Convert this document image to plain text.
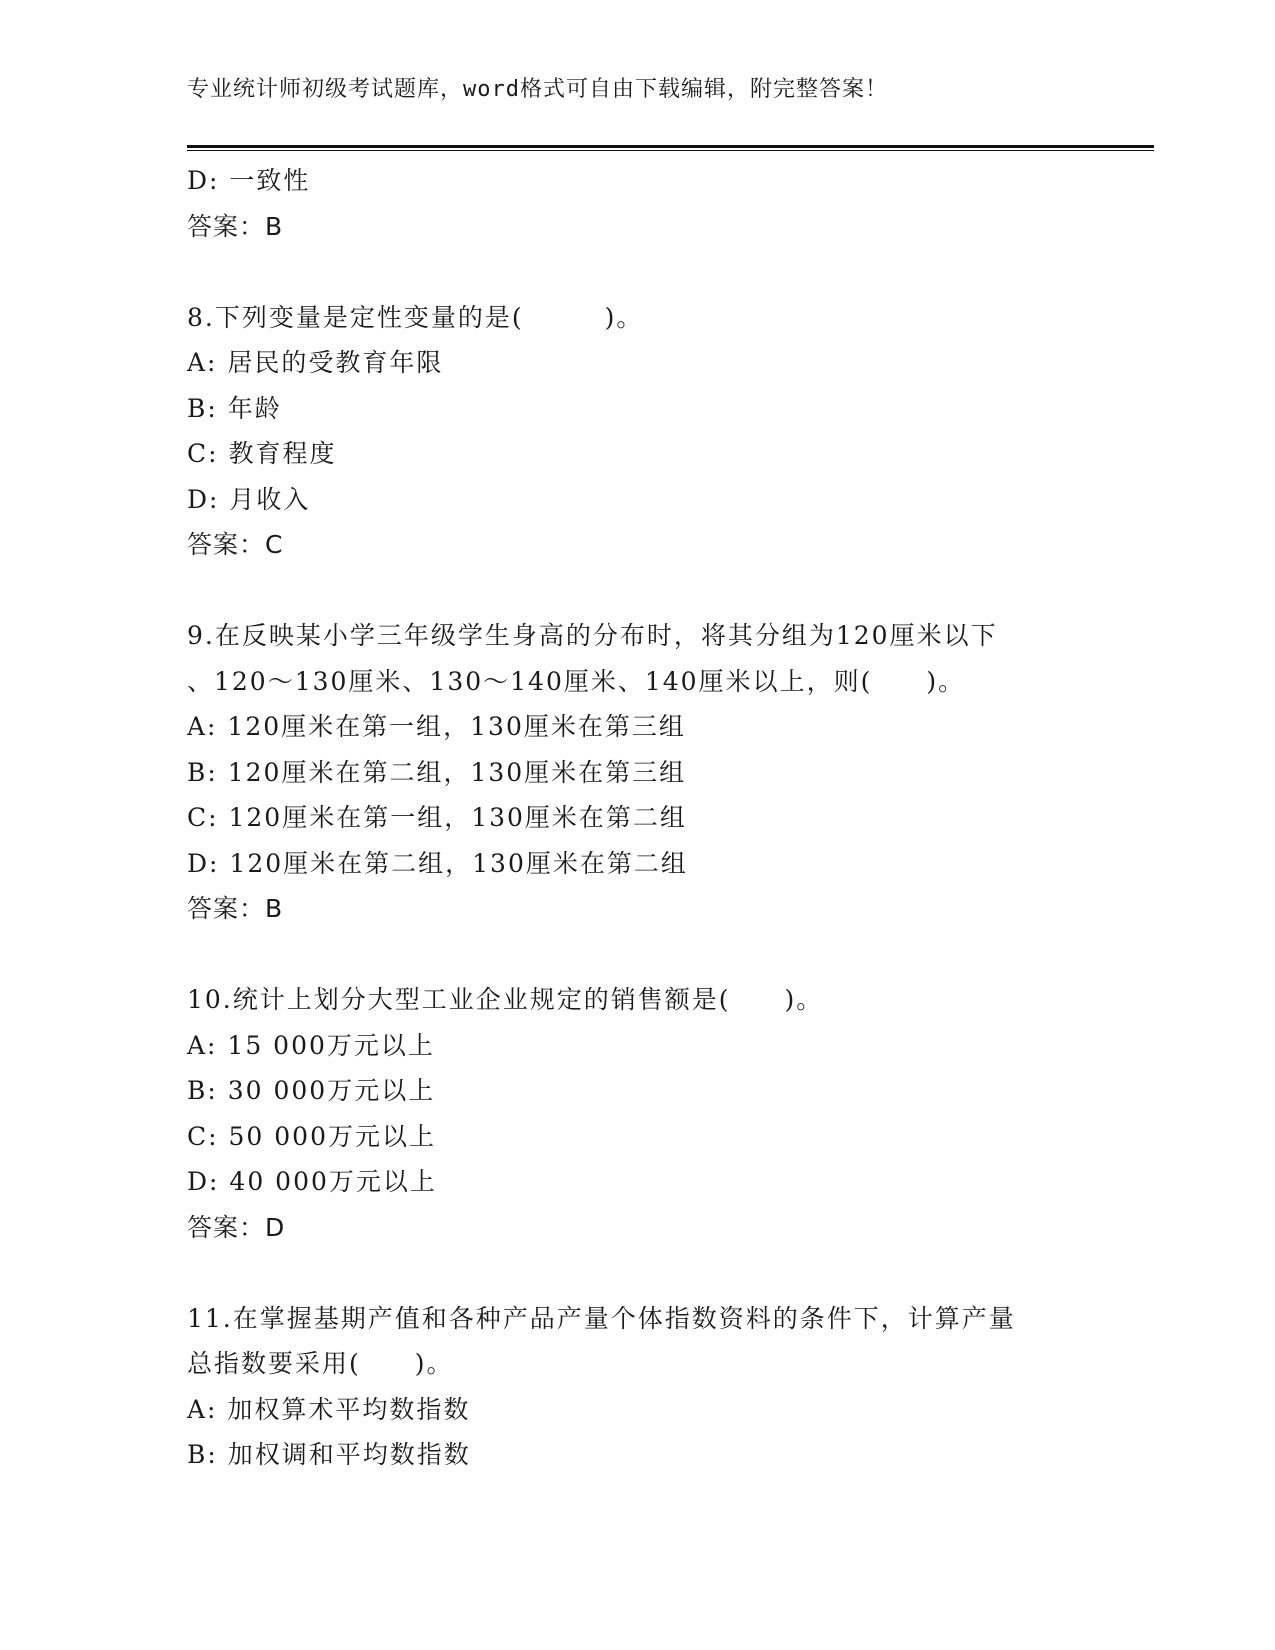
专业统计师初级考试题库，word格式可自由下载编辑，附完整答案！
D: 一致性
答案：B
8.下列变量是定性变量的是(　　　)。
A: 居民的受教育年限
B: 年龄
C: 教育程度
D: 月收入
答案：C
9.在反映某小学三年级学生身高的分布时，将其分组为120厘米以下
、120～130厘米、130～140厘米、140厘米以上，则(　　)。
A: 120厘米在第一组，130厘米在第三组
B: 120厘米在第二组，130厘米在第三组
C: 120厘米在第一组，130厘米在第二组
D: 120厘米在第二组，130厘米在第二组
答案：B
10.统计上划分大型工业企业规定的销售额是(　　)。
A: 15 000万元以上
B: 30 000万元以上
C: 50 000万元以上
D: 40 000万元以上
答案：D
11.在掌握基期产值和各种产品产量个体指数资料的条件下，计算产量
总指数要采用(　　)。
A: 加权算术平均数指数
B: 加权调和平均数指数
